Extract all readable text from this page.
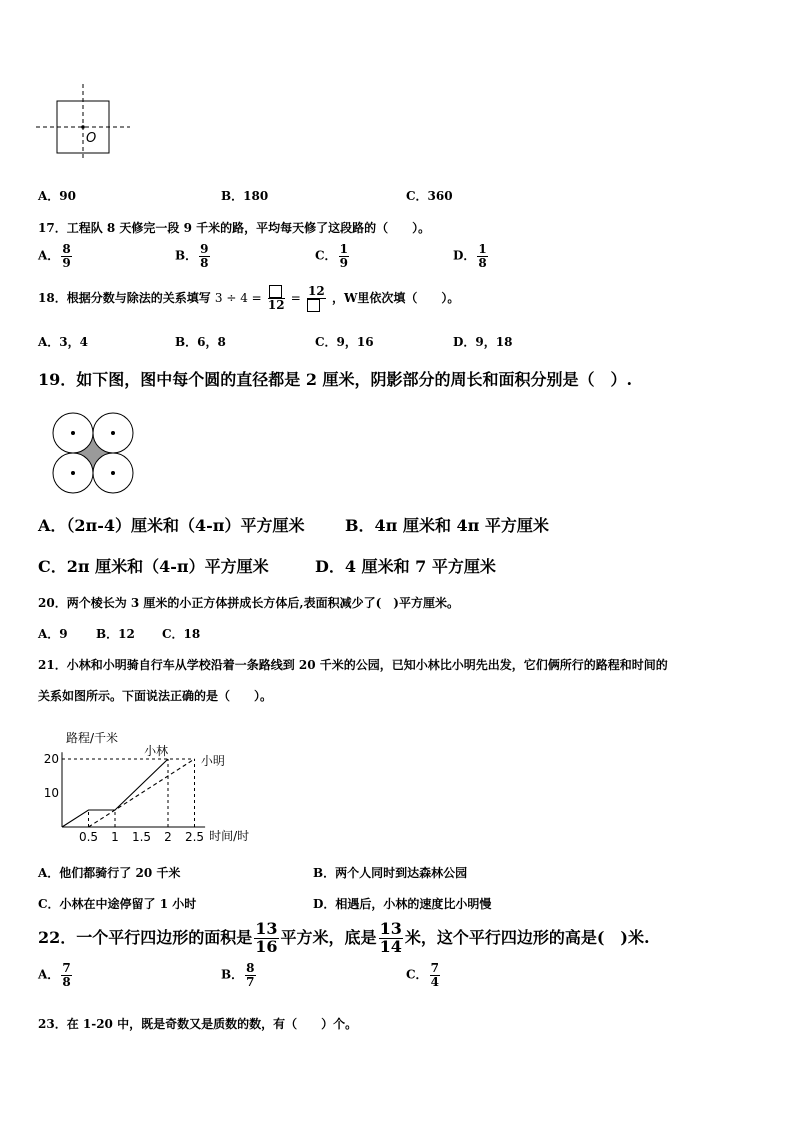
O
A．90	B．180	C．360
17．工程队 8 天修完一段 9 千米的路，平均每天修了这段路的（　　）。
A． $\frac{8}{9}$	B． $\frac{9}{8}$	C． $\frac{1}{9}$	D． $\frac{1}{8}$
18．根据分数与除法的关系填写 3 ÷ 4 =
12
= 12 ，W里依次填（　　）。
A．3，4	B．6，8	C．9，16	D．9，18
19．如下图，图中每个圆的直径都是 2 厘米，阴影部分的周长和面积分别是（　）.
A．（2π-4）厘米和（4-π）平方厘米	B．4π 厘米和 4π 平方厘米
C．2π 厘米和（4-π）平方厘米	D．4 厘米和 7 平方厘米
20．两个棱长为 3 厘米的小正方体拼成长方体后,表面积减少了(　)平方厘米。
A．9 B．12 C．18
21．小林和小明骑自行车从学校沿着一条路线到 20 千米的公园，已知小林比小明先出发，它们俩所行的路程和时间的
关系如图所示。下面说法正确的是（　　）。
路程/千米
时间/时
0.5 1 1.5 2 2.5
10
20
小林
小明
A．他们都骑行了 20 千米	B．两个人同时到达森林公园
C．小林在中途停留了 1 小时	D．相遇后，小林的速度比小明慢
22．一个平行四边形的面积是 $\frac{13}{16}$ 平方米，底是 $\frac{13}{14}$ 米，这个平行四边形的高是(　)米.
A． $\frac{7}{8}$	B． $\frac{8}{7}$	C． $\frac{7}{4}$
23．在 1-20 中，既是奇数又是质数的数，有（　　）个。
